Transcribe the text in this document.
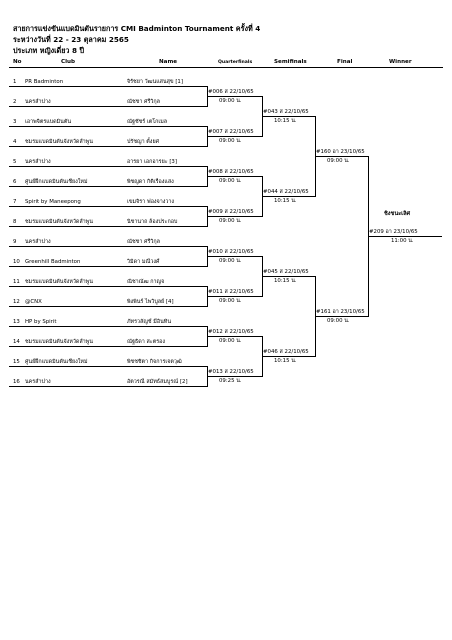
สายการแข่งขันแบดมินตันรายการ CMI Badminton Tournament ครั้งที่ 4
ระหว่างวันที่ 22 - 23 ตุลาคม 2565
ประเภท หญิงเดี่ยว 8 ปี
No	Club	Name	Quarterfinals	Semifinals	Final	Winner
1 PR Badminton	จิรัชยา วัฒนแสนสุข [1]
2 นครลำปาง	ณัชชา ศรีวิกุล
3 เอาพจิตรแบดมินตัน	ณัฐชัชร์ เตโกเมล
4 ชมรมแบดมินตันจังหวัดลำพูน	ปรัชญา ตั้งยศ
5 นครลำปาง	อารยา เอกอารยะ [3]
6 ศูนย์ฝึกแบดมินตันเชียงใหม่	พิชญดา กิติเรืองแสง
7 Spirit by Maneepong	เขมจิรา ฟองจางวาง
8 ชมรมแบดมินตันจังหวัดลำพูน	นิชานาถ ล้องประกอบ
9 นครลำปาง	ณัชชา ศรีวิกุล
10 Greenhill Badminton	วิมิดา มณีวงศ์
11 ชมรมแบดมินตันจังหวัดลำพูน	ณิชาณัฒ กาญจ
12 @CNX	พิงพินร์ ไพวิบูลย์ [4]
13 HP by Spirit	ภัทรวลัญช์ มีอินทิน
14 ชมรมแบดมินตันจังหวัดลำพูน	ณัฐธิดา สะตรอง
15 ศูนย์ฝึกแบดมินตันเชียงใหม่	พิชชชิตา กิจการเจตวุฒิ
16 นครลำปาง	อัตวรณี สมัทธ์สมบูรณ์ [2]
#006 ส 22/10/65
09:00 น.
#007 ส 22/10/65
09:00 น.
#008 ส 22/10/65
09:00 น.
#009 ส 22/10/65
09:00 น.
#010 ส 22/10/65
09:00 น.
#011 ส 22/10/65
09:00 น.
#012 ส 22/10/65
09:00 น.
#013 ส 22/10/65
09:25 น.
#043 ส 22/10/65
10:15 น.
#044 ส 22/10/65
10:15 น.
#045 ส 22/10/65
10:15 น.
#046 ส 22/10/65
10:15 น.
#160 อา 23/10/65
09:00 น.
#161 อา 23/10/65
09:00 น.
#209 อา 23/10/65
11:00 น.
ชิงชนะเลิศ
